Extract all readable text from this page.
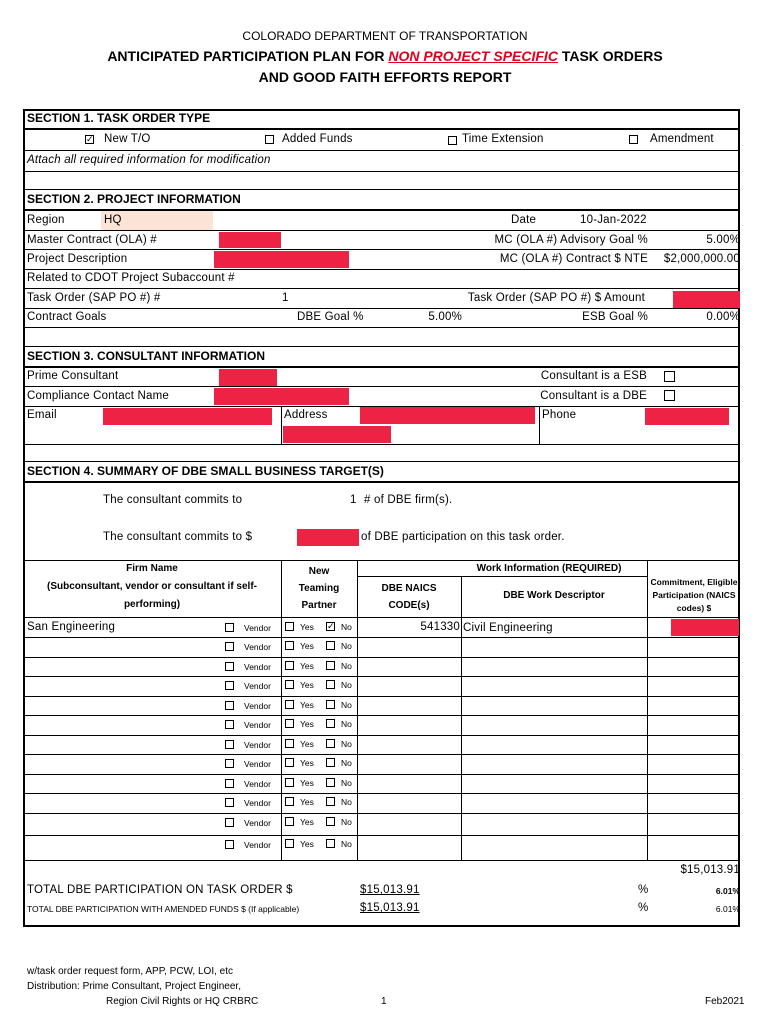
COLORADO DEPARTMENT OF TRANSPORTATION
ANTICIPATED PARTICIPATION PLAN FOR NON PROJECT SPECIFIC TASK ORDERS
AND GOOD FAITH EFFORTS REPORT
SECTION 1. TASK ORDER TYPE
✓ New T/O	Added Funds	Time Extension	Amendment
Attach all required information for modification
SECTION 2. PROJECT INFORMATION
Region	HQ	Date	10-Jan-2022
Master Contract (OLA) #	MC (OLA #) Advisory Goal %	5.00%
Project Description	MC (OLA #) Contract $ NTE	$2,000,000.00
Related to CDOT Project Subaccount #
Task Order (SAP PO #) #	1	Task Order (SAP PO #) $ Amount
Contract Goals	DBE Goal %	5.00%	ESB Goal %	0.00%
SECTION 3. CONSULTANT INFORMATION
Prime Consultant	Consultant is a ESB
Compliance Contact Name	Consultant is a DBE
Email	Address	Phone
SECTION 4. SUMMARY OF DBE SMALL BUSINESS TARGET(S)
The consultant commits to	1 # of DBE firm(s).
The consultant commits to $	of DBE participation on this task order.
Firm Name
(Subconsultant, vendor or consultant if self-
performing)
New
Teaming
Partner
Work Information (REQUIRED)
DBE NAICS
CODE(s)
DBE Work Descriptor
Commitment, Eligible
Participation (NAICS
codes) $
San Engineering	Vendor	Yes ✓ No	541330 Civil Engineering
Vendor	Yes	No
Vendor	Yes	No
Vendor	Yes	No
Vendor	Yes	No
Vendor	Yes	No
Vendor	Yes	No
Vendor	Yes	No
Vendor	Yes	No
Vendor	Yes	No
Vendor	Yes	No
Vendor	Yes	No
$15,013.91
TOTAL DBE PARTICIPATION ON TASK ORDER $	$15,013.91	%	6.01%
TOTAL DBE PARTICIPATION WITH AMENDED FUNDS $ (If applicable)	$15,013.91	%	6.01%
w/task order request form, APP, PCW, LOI, etc
Distribution: Prime Consultant, Project Engineer,
Region Civil Rights or HQ CRBRC	1	Feb2021
